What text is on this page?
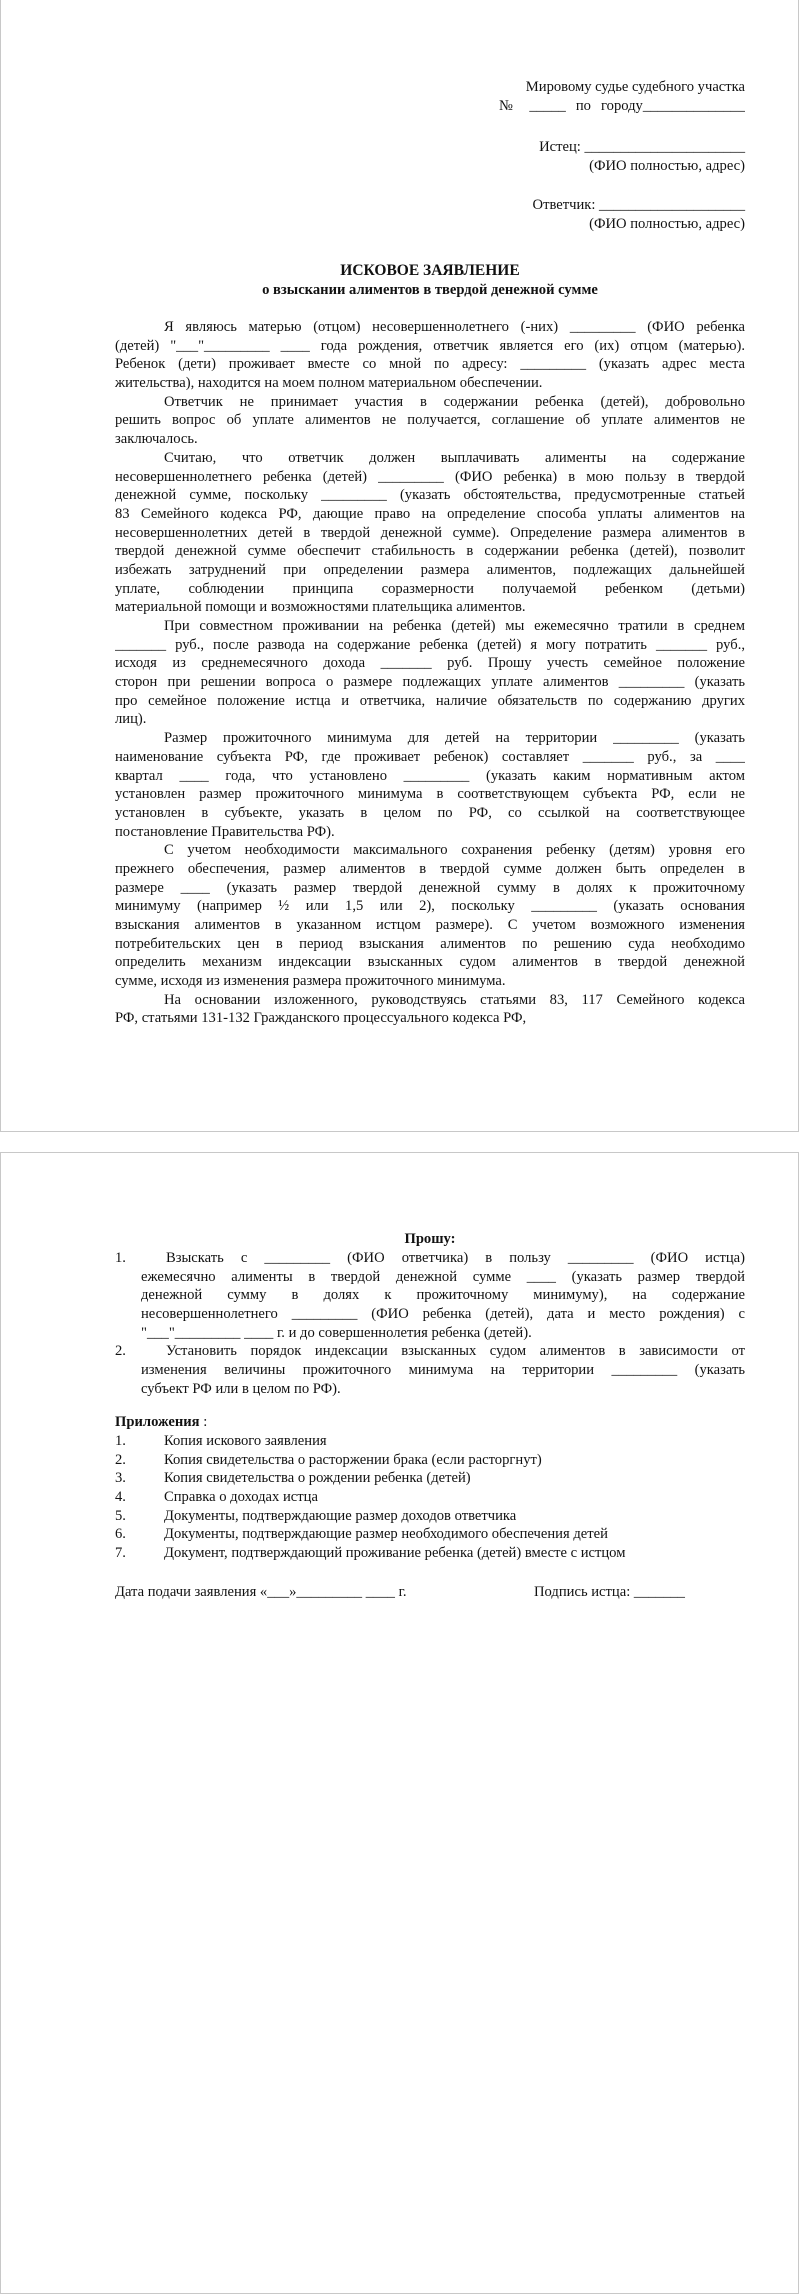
Мировому судье судебного участка
№ _____ по городу______________
Истец: ______________________
(ФИО полностью, адрес)
Ответчик: ____________________
(ФИО полностью, адрес)
ИСКОВОЕ ЗАЯВЛЕНИЕ
о взыскании алиментов в твердой денежной сумме
Я являюсь матерью (отцом) несовершеннолетнего (-них) _________ (ФИО ребенка
(детей) "___"_________ ____ года рождения, ответчик является его (их) отцом (матерью).
Ребенок (дети) проживает вместе со мной по адресу: _________ (указать адрес места
жительства), находится на моем полном материальном обеспечении.
Ответчик не принимает участия в содержании ребенка (детей), добровольно
решить вопрос об уплате алиментов не получается, соглашение об уплате алиментов не
заключалось.
Считаю, что ответчик должен выплачивать алименты на содержание
несовершеннолетнего ребенка (детей) _________ (ФИО ребенка) в мою пользу в твердой
денежной сумме, поскольку _________ (указать обстоятельства, предусмотренные статьей
83 Семейного кодекса РФ, дающие право на определение способа уплаты алиментов на
несовершеннолетних детей в твердой денежной сумме). Определение размера алиментов в
твердой денежной сумме обеспечит стабильность в содержании ребенка (детей), позволит
избежать затруднений при определении размера алиментов, подлежащих дальнейшей
уплате, соблюдении принципа соразмерности получаемой ребенком (детьми)
материальной помощи и возможностями плательщика алиментов.
При совместном проживании на ребенка (детей) мы ежемесячно тратили в среднем
_______ руб., после развода на содержание ребенка (детей) я могу потратить _______ руб.,
исходя из среднемесячного дохода _______ руб. Прошу учесть семейное положение
сторон при решении вопроса о размере подлежащих уплате алиментов _________ (указать
про семейное положение истца и ответчика, наличие обязательств по содержанию других
лиц).
Размер прожиточного минимума для детей на территории _________ (указать
наименование субъекта РФ, где проживает ребенок) составляет _______ руб., за ____
квартал ____ года, что установлено _________ (указать каким нормативным актом
установлен размер прожиточного минимума в соответствующем субъекта РФ, если не
установлен в субъекте, указать в целом по РФ, со ссылкой на соответствующее
постановление Правительства РФ).
С учетом необходимости максимального сохранения ребенку (детям) уровня его
прежнего обеспечения, размер алиментов в твердой сумме должен быть определен в
размере ____ (указать размер твердой денежной сумму в долях к прожиточному
минимуму (например ½ или 1,5 или 2), поскольку _________ (указать основания
взыскания алиментов в указанном истцом размере). С учетом возможного изменения
потребительских цен в период взыскания алиментов по решению суда необходимо
определить механизм индексации взысканных судом алиментов в твердой денежной
сумме, исходя из изменения размера прожиточного минимума.
На основании изложенного, руководствуясь статьями 83, 117 Семейного кодекса
РФ, статьями 131-132 Гражданского процессуального кодекса РФ,
Прошу:
1.	Взыскать с _________ (ФИО ответчика) в пользу _________ (ФИО истца)
ежемесячно алименты в твердой денежной сумме ____ (указать размер твердой
денежной сумму в долях к прожиточному минимуму), на содержание
несовершеннолетнего _________ (ФИО ребенка (детей), дата и место рождения) с
"___"_________ ____ г. и до совершеннолетия ребенка (детей).
2.	Установить порядок индексации взысканных судом алиментов в зависимости от
изменения величины прожиточного минимума на территории _________ (указать
субъект РФ или в целом по РФ).
Приложения :
1.	Копия искового заявления
2.	Копия свидетельства о расторжении брака (если расторгнут)
3.	Копия свидетельства о рождении ребенка (детей)
4.	Справка о доходах истца
5.	Документы, подтверждающие размер доходов ответчика
6.	Документы, подтверждающие размер необходимого обеспечения детей
7.	Документ, подтверждающий проживание ребенка (детей) вместе с истцом
Дата подачи заявления «___»_________ ____ г.	Подпись истца: _______
